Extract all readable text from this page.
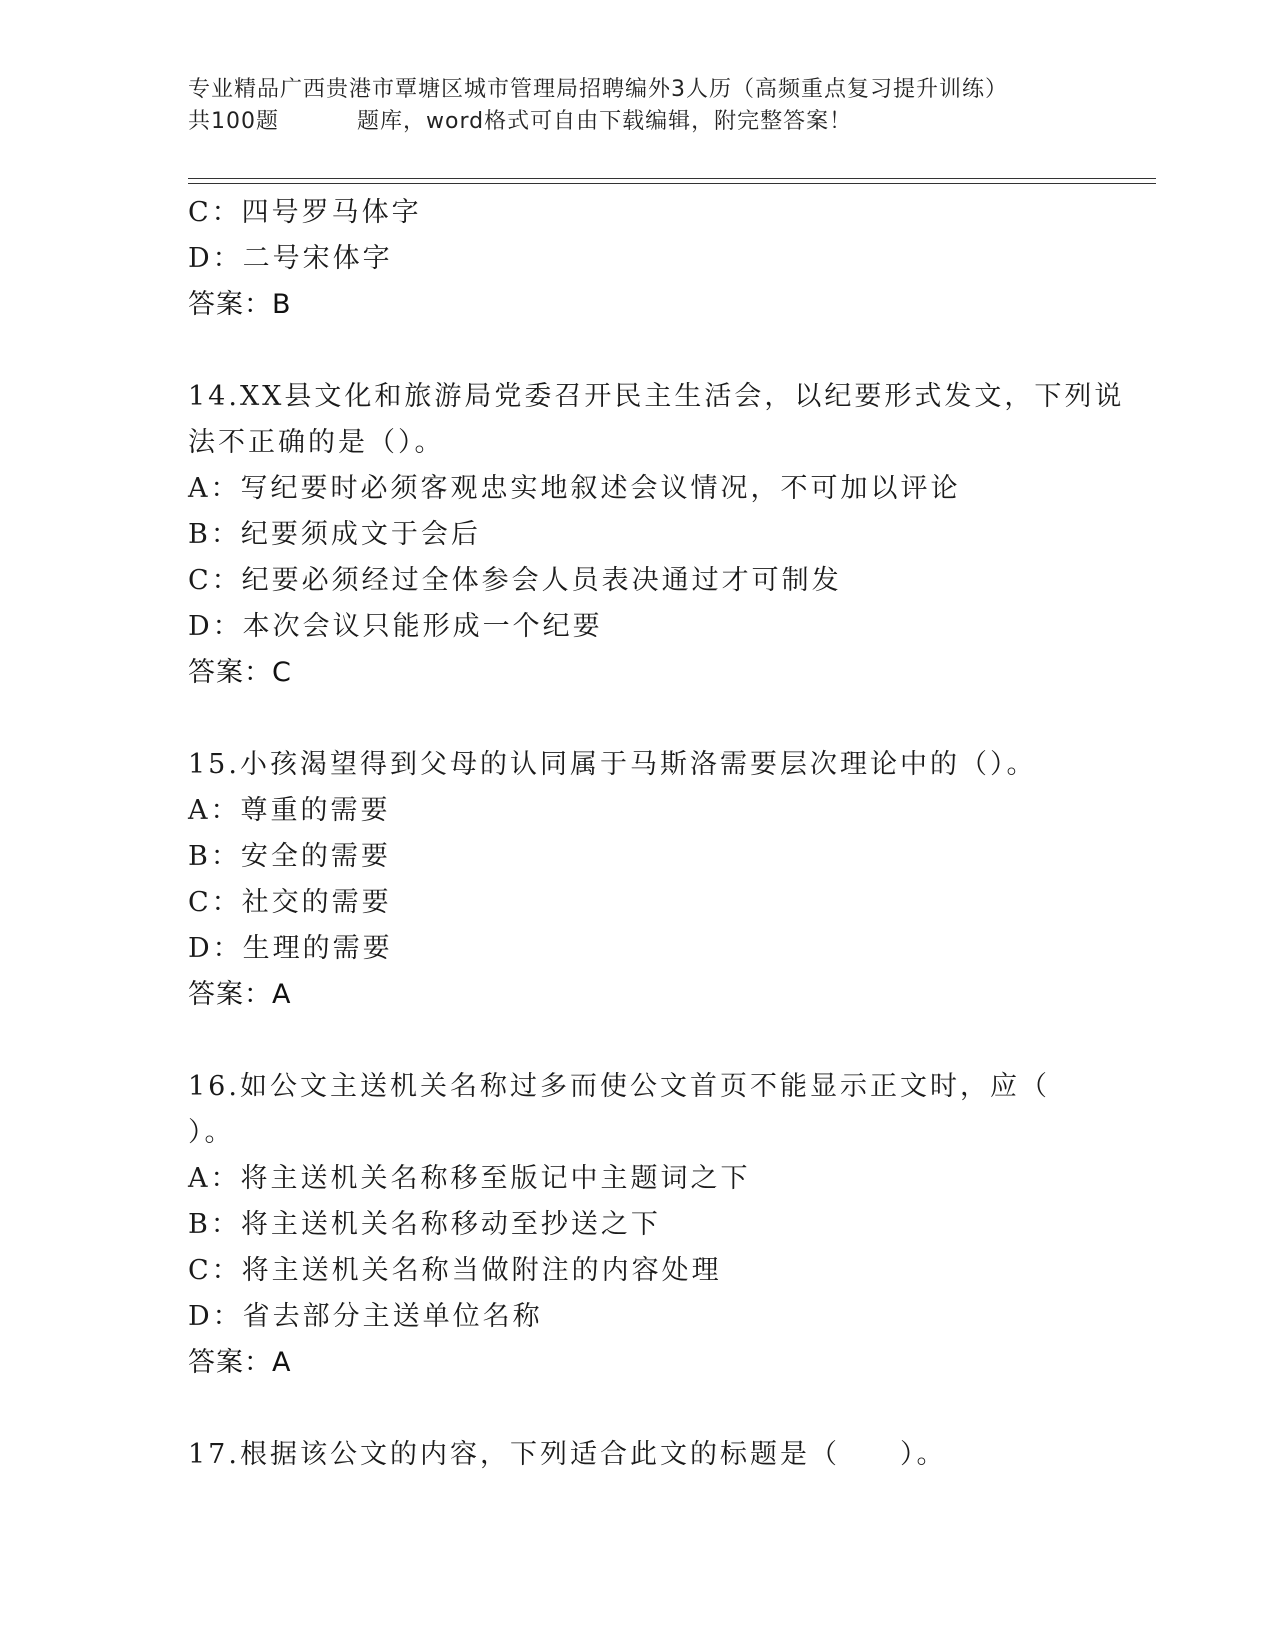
专业精品广西贵港市覃塘区城市管理局招聘编外3人历（高频重点复习提升训练）
共100题	题库，word格式可自由下载编辑，附完整答案！
C：四号罗马体字
D：二号宋体字
答案：B
14.XX县文化和旅游局党委召开民主生活会，以纪要形式发文，下列说
法不正确的是（）。
A：写纪要时必须客观忠实地叙述会议情况，不可加以评论
B：纪要须成文于会后
C：纪要必须经过全体参会人员表决通过才可制发
D：本次会议只能形成一个纪要
答案：C
15.小孩渴望得到父母的认同属于马斯洛需要层次理论中的（）。
A：尊重的需要
B：安全的需要
C：社交的需要
D：生理的需要
答案：A
16.如公文主送机关名称过多而使公文首页不能显示正文时，应（
）。
A：将主送机关名称移至版记中主题词之下
B：将主送机关名称移动至抄送之下
C：将主送机关名称当做附注的内容处理
D：省去部分主送单位名称
答案：A
17.根据该公文的内容，下列适合此文的标题是（　　）。
